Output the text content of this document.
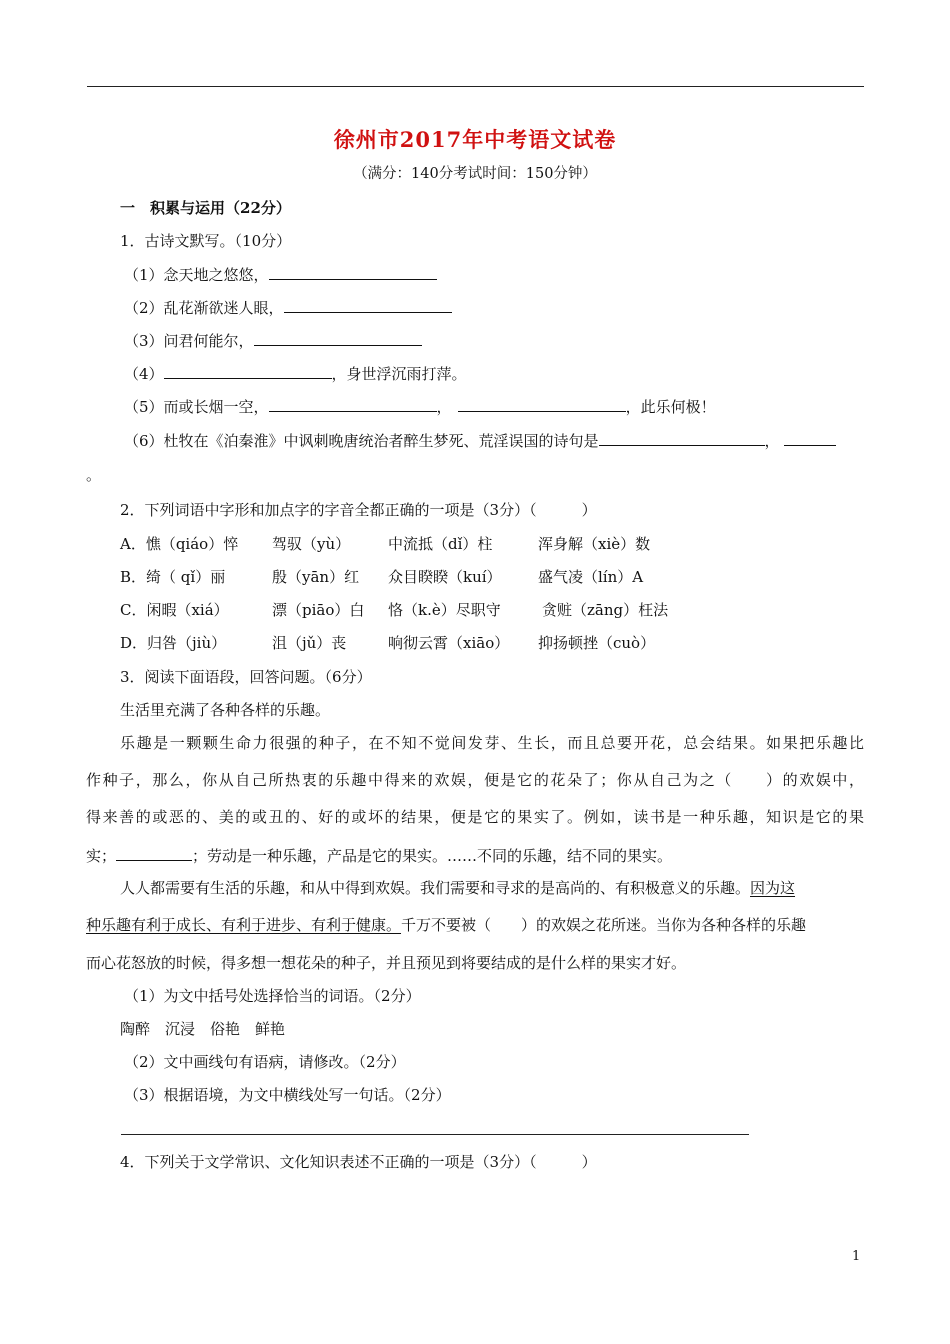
徐州市2017年中考语文试卷
（满分：140分考试时间：150分钟）
一　积累与运用（22分）
1．古诗文默写。（10分）
（1）念天地之悠悠，
（2）乱花渐欲迷人眼，
（3）问君何能尔，
（4）	，身世浮沉雨打萍。
（5）而或长烟一空，	，	，此乐何极！
（6）杜牧在《泊秦淮》中讽刺晚唐统治者醉生梦死、荒淫误国的诗句是	，
。
2．下列词语中字形和加点字的字音全都正确的一项是（3分）（　　　）
A．憔（qiáo）悴 驾驭（yù）	中流抵（dǐ）柱	浑身解（xiè）数
B．绮（ qǐ）丽	殷（yān）红 众目睽睽（kuí） 盛气凌（lín）A
C．闲暇（xiá）	漂（piāo）白 恪（k.è）尽职守	贪赃（zāng）枉法
D．归咎（jiù）	沮（jǔ）丧	响彻云霄（xiāo） 抑扬顿挫（cuò）
3．阅读下面语段，回答问题。（6分）
生活里充满了各种各样的乐趣。
乐趣是一颗颗生命力很强的种子，在不知不觉间发芽、生长，而且总要开花，总会结果。如果把乐趣比
作种子，那么，你从自己所热衷的乐趣中得来的欢娱，便是它的花朵了；你从自己为之（　　）的欢娱中，
得来善的或恶的、美的或丑的、好的或坏的结果，便是它的果实了。例如，读书是一种乐趣，知识是它的果
实；	；劳动是一种乐趣，产品是它的果实。……不同的乐趣，结不同的果实。
人人都需要有生活的乐趣，和从中得到欢娱。我们需要和寻求的是高尚的、有积极意义的乐趣。因为这
种乐趣有利于成长、有利于进步、有利于健康。千万不要被（　　）的欢娱之花所迷。当你为各种各样的乐趣
而心花怒放的时候，得多想一想花朵的种子，并且预见到将要结成的是什么样的果实才好。
（1）为文中括号处选择恰当的词语。（2分）
陶醉　沉浸　俗艳　鲜艳
（2）文中画线句有语病，请修改。（2分）
（3）根据语境，为文中横线处写一句话。（2分）
4．下列关于文学常识、文化知识表述不正确的一项是（3分）（　　　）
1
